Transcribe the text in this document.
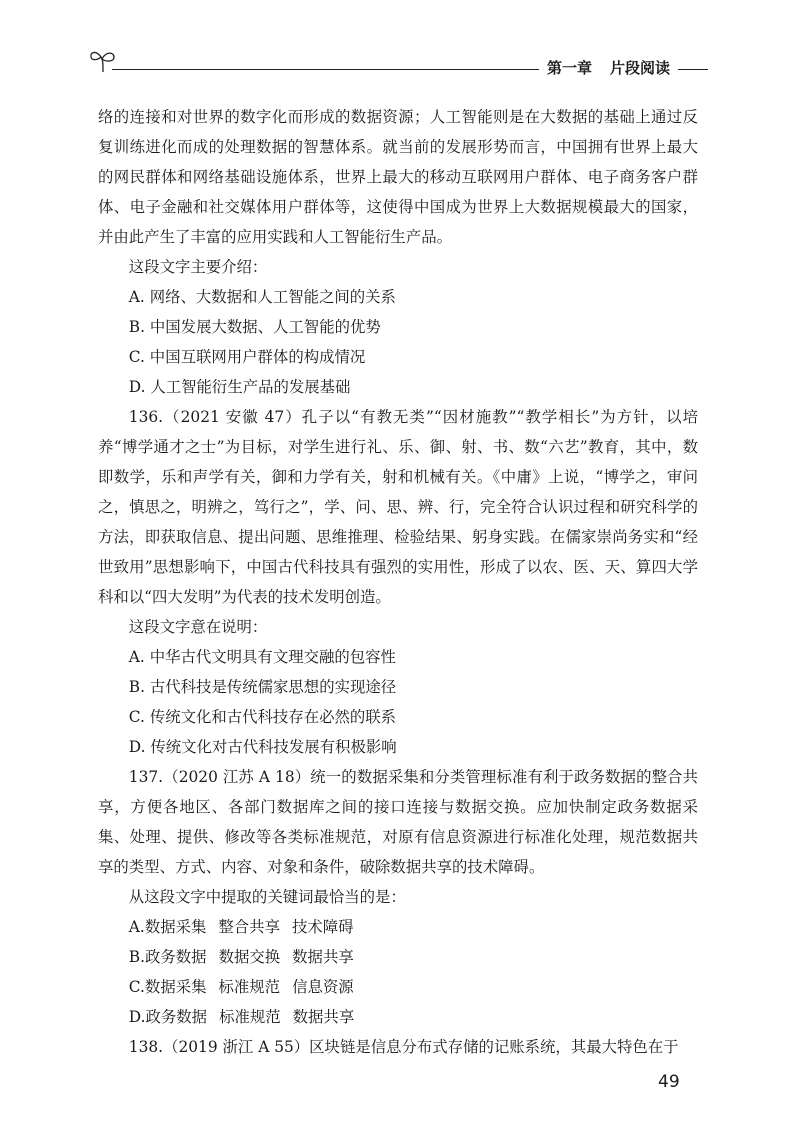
第一章 片段阅读

络的连接和对世界的数字化而形成的数据资源；人工智能则是在大数据的基础上通过反复训练进化而成的处理数据的智慧体系。就当前的发展形势而言，中国拥有世界上最大的网民群体和网络基础设施体系，世界上最大的移动互联网用户群体、电子商务客户群体、电子金融和社交媒体用户群体等，这使得中国成为世界上大数据规模最大的国家，并由此产生了丰富的应用实践和人工智能衍生产品。

这段文字主要介绍：

A. 网络、大数据和人工智能之间的关系

B. 中国发展大数据、人工智能的优势

C. 中国互联网用户群体的构成情况

D. 人工智能衍生产品的发展基础

136.（2021 安徽 47）孔子以“有教无类”“因材施教”“教学相长”为方针，以培养“博学通才之士”为目标，对学生进行礼、乐、御、射、书、数“六艺”教育，其中，数即数学，乐和声学有关，御和力学有关，射和机械有关。《中庸》上说，“博学之，审问之，慎思之，明辨之，笃行之”，学、问、思、辨、行，完全符合认识过程和研究科学的方法，即获取信息、提出问题、思维推理、检验结果、躬身实践。在儒家崇尚务实和“经世致用”思想影响下，中国古代科技具有强烈的实用性，形成了以农、医、天、算四大学科和以“四大发明”为代表的技术发明创造。

这段文字意在说明：

A. 中华古代文明具有文理交融的包容性

B. 古代科技是传统儒家思想的实现途径

C. 传统文化和古代科技存在必然的联系

D. 传统文化对古代科技发展有积极影响

137.（2020 江苏 A 18）统一的数据采集和分类管理标准有利于政务数据的整合共享，方便各地区、各部门数据库之间的接口连接与数据交换。应加快制定政务数据采集、处理、提供、修改等各类标准规范，对原有信息资源进行标准化处理，规范数据共享的类型、方式、内容、对象和条件，破除数据共享的技术障碍。

从这段文字中提取的关键词最恰当的是：

A.数据采集 整合共享 技术障碍

B.政务数据 数据交换 数据共享

C.数据采集 标准规范 信息资源

D.政务数据 标准规范 数据共享

138.（2019 浙江 A 55）区块链是信息分布式存储的记账系统，其最大特色在于

49
